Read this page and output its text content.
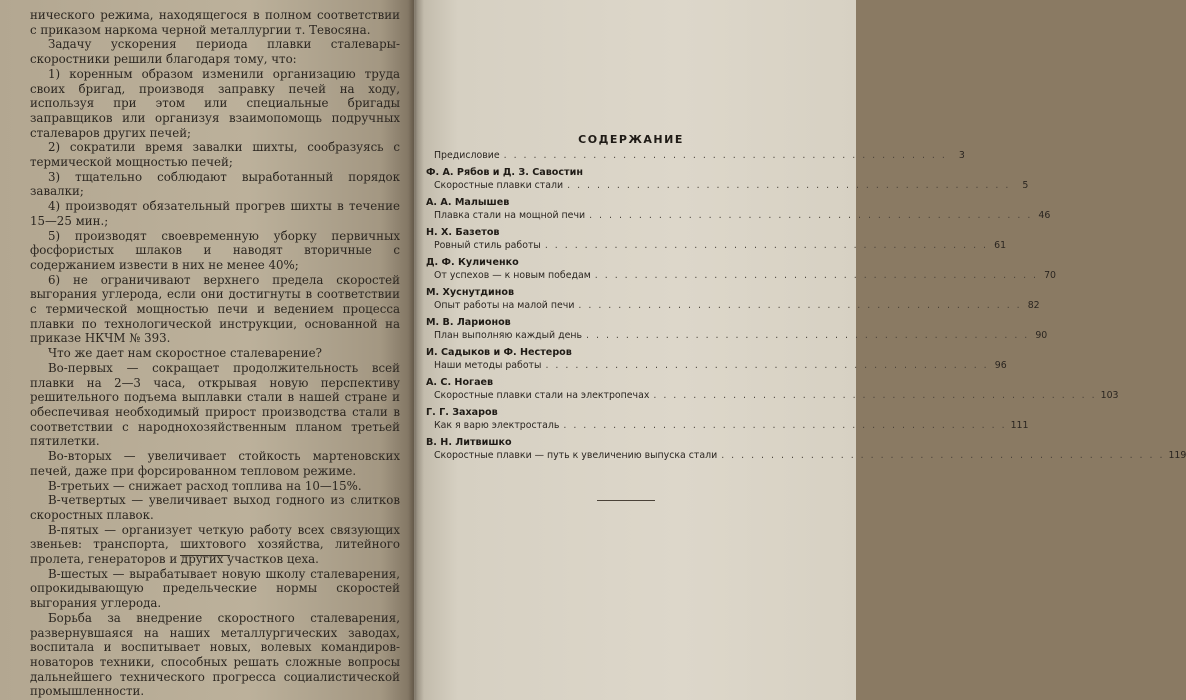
нического режима, находящегося в полном соответствии с приказом наркома черной металлургии т. Тевосяна.

Задачу ускорения периода плавки сталевары-скоростники решили благодаря тому, что:

1) коренным образом изменили организацию труда своих бригад, производя заправку печей на ходу, используя при этом или специальные бригады заправщиков или организуя взаимопомощь подручных сталеваров других печей;

2) сократили время завалки шихты, сообразуясь с термической мощностью печей;

3) тщательно соблюдают выработанный порядок завалки;

4) производят обязательный прогрев шихты в течение 15—25 мин.;

5) производят своевременную уборку первичных фосфористых шлаков и наводят вторичные с содержанием извести в них не менее 40%;

6) не ограничивают верхнего предела скоростей выгорания углерода, если они достигнуты в соответствии с термической мощностью печи и ведением процесса плавки по технологической инструкции, основанной на приказе НКЧМ № 393.

Что же дает нам скоростное сталеварение?

Во-первых — сокращает продолжительность всей плавки на 2—3 часа, открывая новую перспективу решительного подъема выплавки стали в нашей стране и обеспечивая необходимый прирост производства стали в соответствии с народнохозяйственным планом третьей пятилетки.

Во-вторых — увеличивает стойкость мартеновских печей, даже при форсированном тепловом режиме.

В-третьих — снижает расход топлива на 10—15%.

В-четвертых — увеличивает выход годного из слитков скоростных плавок.

В-пятых — организует четкую работу всех связующих звеньев: транспорта, шихтового хозяйства, литейного пролета, генераторов и других участков цеха.

В-шестых — вырабатывает новую школу сталеварения, опрокидывающую предельческие нормы скоростей выгорания углерода.

Борьба за внедрение скоростного сталеварения, развернувшаяся на наших металлургических заводах, воспитала и воспитывает новых, волевых командиров-новаторов техники, способных решать сложные вопросы дальнейшего технического прогресса социалистической промышленности.

СОДЕРЖАНИЕ
Предисловие . . . . . . . . . . . . . . . . . . . . . . . . . . . . . . . . . . . . . . . . . . . . .	3
Ф. А. Рябов и Д. З. Савостин
Скоростные плавки стали . . . . . . . . . . . . . . . . . . . . . . . . . . . . . . . . . . . . . . . . . . . . .	5
А. А. Малышев
Плавка стали на мощной печи . . . . . . . . . . . . . . . . . . . . . . . . . . . . . . . . . . . . . . . . . . . . . 46
Н. Х. Базетов
Ровный стиль работы . . . . . . . . . . . . . . . . . . . . . . . . . . . . . . . . . . . . . . . . . . . . . 61
Д. Ф. Куличенко
От успехов — к новым победам . . . . . . . . . . . . . . . . . . . . . . . . . . . . . . . . . . . . . . . . . . . . . 70
М. Хуснутдинов
Опыт работы на малой печи . . . . . . . . . . . . . . . . . . . . . . . . . . . . . . . . . . . . . . . . . . . . . 82
М. В. Ларионов
План выполняю каждый день . . . . . . . . . . . . . . . . . . . . . . . . . . . . . . . . . . . . . . . . . . . . . 90
И. Садыков и Ф. Нестеров
Наши методы работы . . . . . . . . . . . . . . . . . . . . . . . . . . . . . . . . . . . . . . . . . . . . . 96
А. С. Ногаев
Скоростные плавки стали на электропечах . . . . . . . . . . . . . . . . . . . . . . . . . . . . . . . . . . . . . . . . . . . . . 103
Г. Г. Захаров
Как я варю электросталь . . . . . . . . . . . . . . . . . . . . . . . . . . . . . . . . . . . . . . . . . . . . . 111
В. Н. Литвишко
Скоростные плавки — путь к увеличению выпуска стали . . . . . . . . . . . . . . . . . . . . . . . . . . . . . . . . . . . . . . . . . . . . . 119
